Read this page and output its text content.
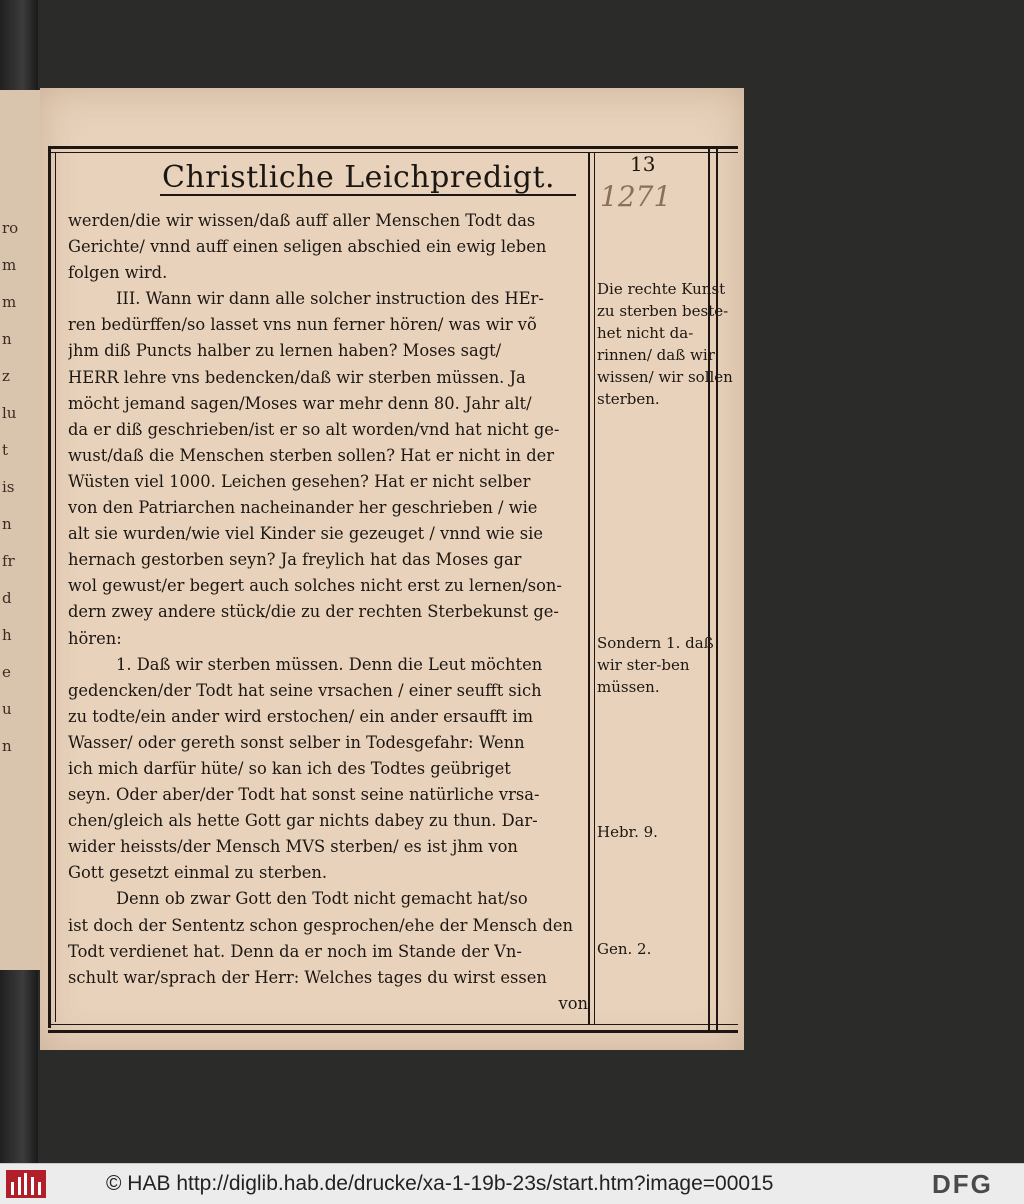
ro
m
m
n
z
lu
t
is
n
fr
d
h
e
u
n
Christliche Leichpredigt.	13
1271
werden/die wir wissen/daß auff aller Menschen Todt das
Gerichte/ vnnd auff einen seligen abschied ein ewig leben
folgen wird.
III. Wann wir dann alle solcher instruction des HEr-
ren bedürffen/so lasset vns nun ferner hören/ was wir võ
jhm diß Puncts halber zu lernen haben? Moses sagt/
HERR lehre vns bedencken/daß wir sterben müssen. Ja
möcht jemand sagen/Moses war mehr denn 80. Jahr alt/
da er diß geschrieben/ist er so alt worden/vnd hat nicht ge-
wust/daß die Menschen sterben sollen? Hat er nicht in der
Wüsten viel 1000. Leichen gesehen? Hat er nicht selber
von den Patriarchen nacheinander her geschrieben / wie
alt sie wurden/wie viel Kinder sie gezeuget / vnnd wie sie
hernach gestorben seyn? Ja freylich hat das Moses gar
wol gewust/er begert auch solches nicht erst zu lernen/son-
dern zwey andere stück/die zu der rechten Sterbekunst ge-
hören:
1. Daß wir sterben müssen. Denn die Leut möchten
gedencken/der Todt hat seine vrsachen / einer seufft sich
zu todte/ein ander wird erstochen/ ein ander ersaufft im
Wasser/ oder gereth sonst selber in Todesgefahr: Wenn
ich mich darfür hüte/ so kan ich des Todtes geübriget
seyn. Oder aber/der Todt hat sonst seine natürliche vrsa-
chen/gleich als hette Gott gar nichts dabey zu thun. Dar-
wider heissts/der Mensch MVS sterben/ es ist jhm von
Gott gesetzt einmal zu sterben.
Denn ob zwar Gott den Todt nicht gemacht hat/so
ist doch der Sententz schon gesprochen/ehe der Mensch den
Todt verdienet hat. Denn da er noch im Stande der Vn-
schult war/sprach der Herr: Welches tages du wirst essen
von
Die rechte Kunst zu sterben beste-het nicht da-rinnen/ daß wir wissen/ wir sollen sterben.
Sondern 1. daß wir ster-ben müssen.
Hebr. 9.
Gen. 2.
© HAB http://diglib.hab.de/drucke/xa-1-19b-23s/start.htm?image=00015	DFG
